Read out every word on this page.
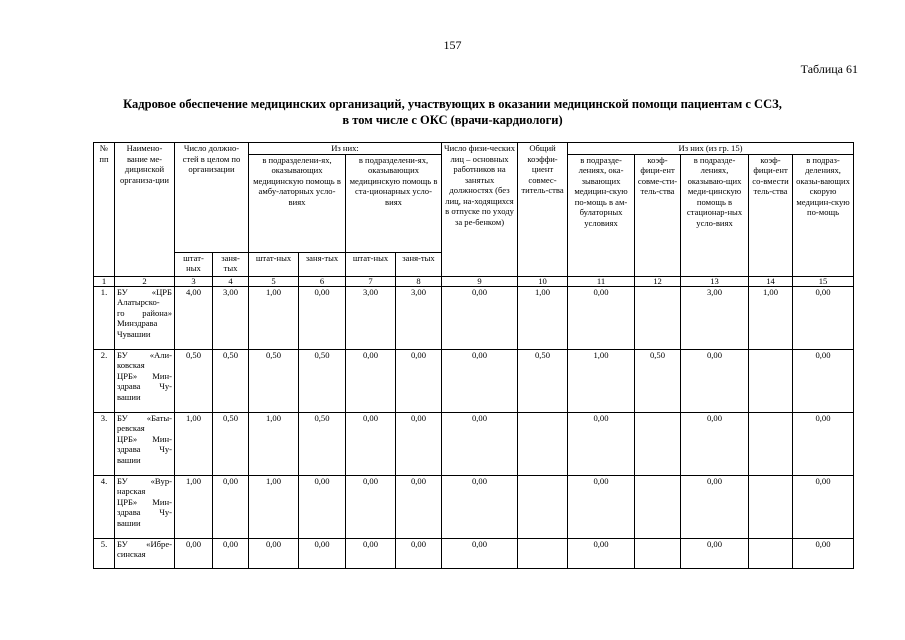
157
Таблица 61
Кадровое обеспечение медицинских организаций, участвующих в оказании медицинской помощи пациентам с ССЗ,
в том числе с ОКС (врачи-кардиологи)
№ пп	Наимено-вание ме-дицинской организа-ции	Число должно-стей в целом по организации		Из них:				Число физи-ческих лиц – основных работников на занятых должностях (без лиц, на-ходящихся в отпуске по уходу за ре-бенком)	Общий коэффи-циент совмес-титель-ства	Из них (из гр. 15)				
				в подразделени-ях, оказывающих медицинскую помощь в амбу-латорных усло-виях		в подразделени-ях, оказывающих медицинскую помощь в ста-ционарных усло-виях				в подразде-лениях, ока-зывающих медицин-скую по-мощь в ам-булаторных условиях	коэф-фици-ент совме-сти-тель-ства	в подразде-лениях, оказываю-щих меди-цинскую помощь в стационар-ных усло-виях	коэф-фици-ент со-вмести тель-ства	в подраз-делениях, оказы-вающих скорую медицин-скую по-мощь
		штат-ных	заня-тых	штат-ных	заня-тых	штат-ных	заня-тых							
1	2	3	4	5	6	7	8	9	10	11	12	13	14	15
1.	БУ «ЦРБ
Алатырско-
го района»
Минздрава
Чувашии	4,00	3,00	1,00	0,00	3,00	3,00	0,00	1,00	0,00		3,00	1,00	0,00
2.	БУ «Али-
ковская
ЦРБ» Мин-
здрава Чу-
вашии	0,50	0,50	0,50	0,50	0,00	0,00	0,00	0,50	1,00	0,50	0,00		0,00
3.	БУ «Баты-
ревская
ЦРБ» Мин-
здрава Чу-
вашии	1,00	0,50	1,00	0,50	0,00	0,00	0,00		0,00		0,00		0,00
4.	БУ «Вур-
нарская
ЦРБ» Мин-
здрава Чу-
вашии	1,00	0,00	1,00	0,00	0,00	0,00	0,00		0,00		0,00		0,00
5.	БУ «Ибре-
синская	0,00	0,00	0,00	0,00	0,00	0,00	0,00		0,00		0,00		0,00
